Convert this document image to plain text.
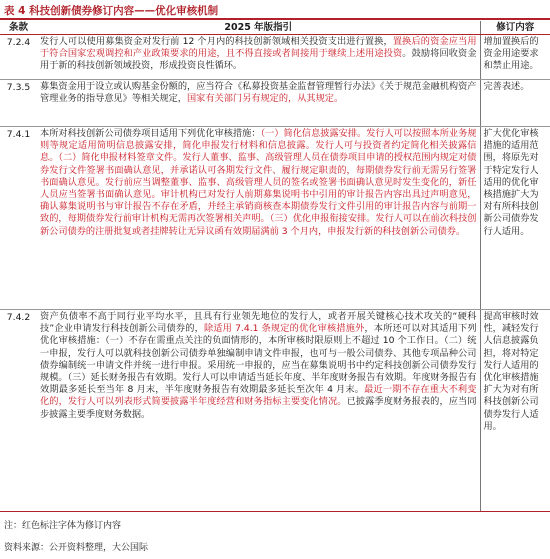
表 4 科技创新债券修订内容——优化审核机制
条款	2025 年版指引	修订内容
7.2.4	发行人可以使用募集资金对发行前 12 个月内的科技创新领域相关投资支出进行置换，置换后的资金应当用于符合国家宏观调控和产业政策要求的用途，且不得直接或者间接用于继续上述用途投资。鼓励将回收资金用于新的科技创新领域投资，形成投资良性循环。	增加置换后的资金用途要求和禁止用途。
7.3.5	募集资金用于设立或认购基金份额的，应当符合《私募投资基金监督管理暂行办法》《关于规范金融机构资产管理业务的指导意见》等相关规定，国家有关部门另有规定的，从其规定。	完善表述。
7.4.1	本所对科技创新公司债券项目适用下列优化审核措施：（一）简化信息披露安排。发行人可以按照本所业务规则等规定适用简明信息披露安排，简化申报发行材料和信息披露。发行人可与投资者约定简化相关披露信息。（二）简化申报材料签章文件。发行人董事、监事、高级管理人员在债券项目申请的授权范围内规定对债券发行文件签署书面确认意见，并承诺认可各期发行文件、履行规定职责的，每期债券发行前无需另行签署书面确认意见。发行前应当调整董事、监事、高级管理人员的签名或签署书面确认意见时发生变化的，新任人员应当签署书面确认意见。审计机构已对发行人前期募集说明书中引用的审计报告内容出具过声明意见，确认募集说明书与审计报告不存在矛盾，并经主承销商核查本期债券发行文件引用的审计报告内容与前期一致的，每期债券发行前审计机构无需再次签署相关声明。（三）优化申报衔接安排。发行人可以在前次科技创新公司债券的注册批复或者挂牌转让无异议函有效期届满前 3 个月内，申报发行新的科技创新公司债券。	扩大优化审核措施的适用范围，将原先对于特定发行人适用的优化审核措施扩大为对有所科技创新公司债券发行人适用。
7.4.2	资产负债率不高于同行业平均水平，且具有行业领先地位的发行人，或者开展关键核心技术攻关的“硬科技”企业申请发行科技创新公司债券的，除适用 7.4.1 条规定的优化审核措施外，本所还可以对其适用下列优化审核措施：（一）不存在需重点关注的负面情形的，本所审核时限原则上不超过 10 个工作日。（二）统一申报，发行人可以就科技创新公司债券单独编制申请文件申报，也可与一般公司债券、其他专项品种公司债券编制统一申请文件并统一进行申报。采用统一申报的，应当在募集说明书中约定科技创新公司债券发行规模。（三）延长财务报告有效期。发行人可以申请适当延长年度、半年度财务报告有效期。年度财务报告有效期最多延长至当年 8 月末，半年度财务报告有效期最多延长至次年 4 月末。最近一期不存在重大不利变化的，发行人可以列表形式简要披露半年度经营和财务指标主要变化情况。已披露季度财务报表的，应当同步披露主要季度财务数据。	提高审核时效性，减轻发行人信息披露负担，将对特定发行人适用的优化审核措施扩大为对有所科技创新公司债券发行人适用。
注：红色标注字体为修订内容
资料来源：公开资料整理，大公国际
